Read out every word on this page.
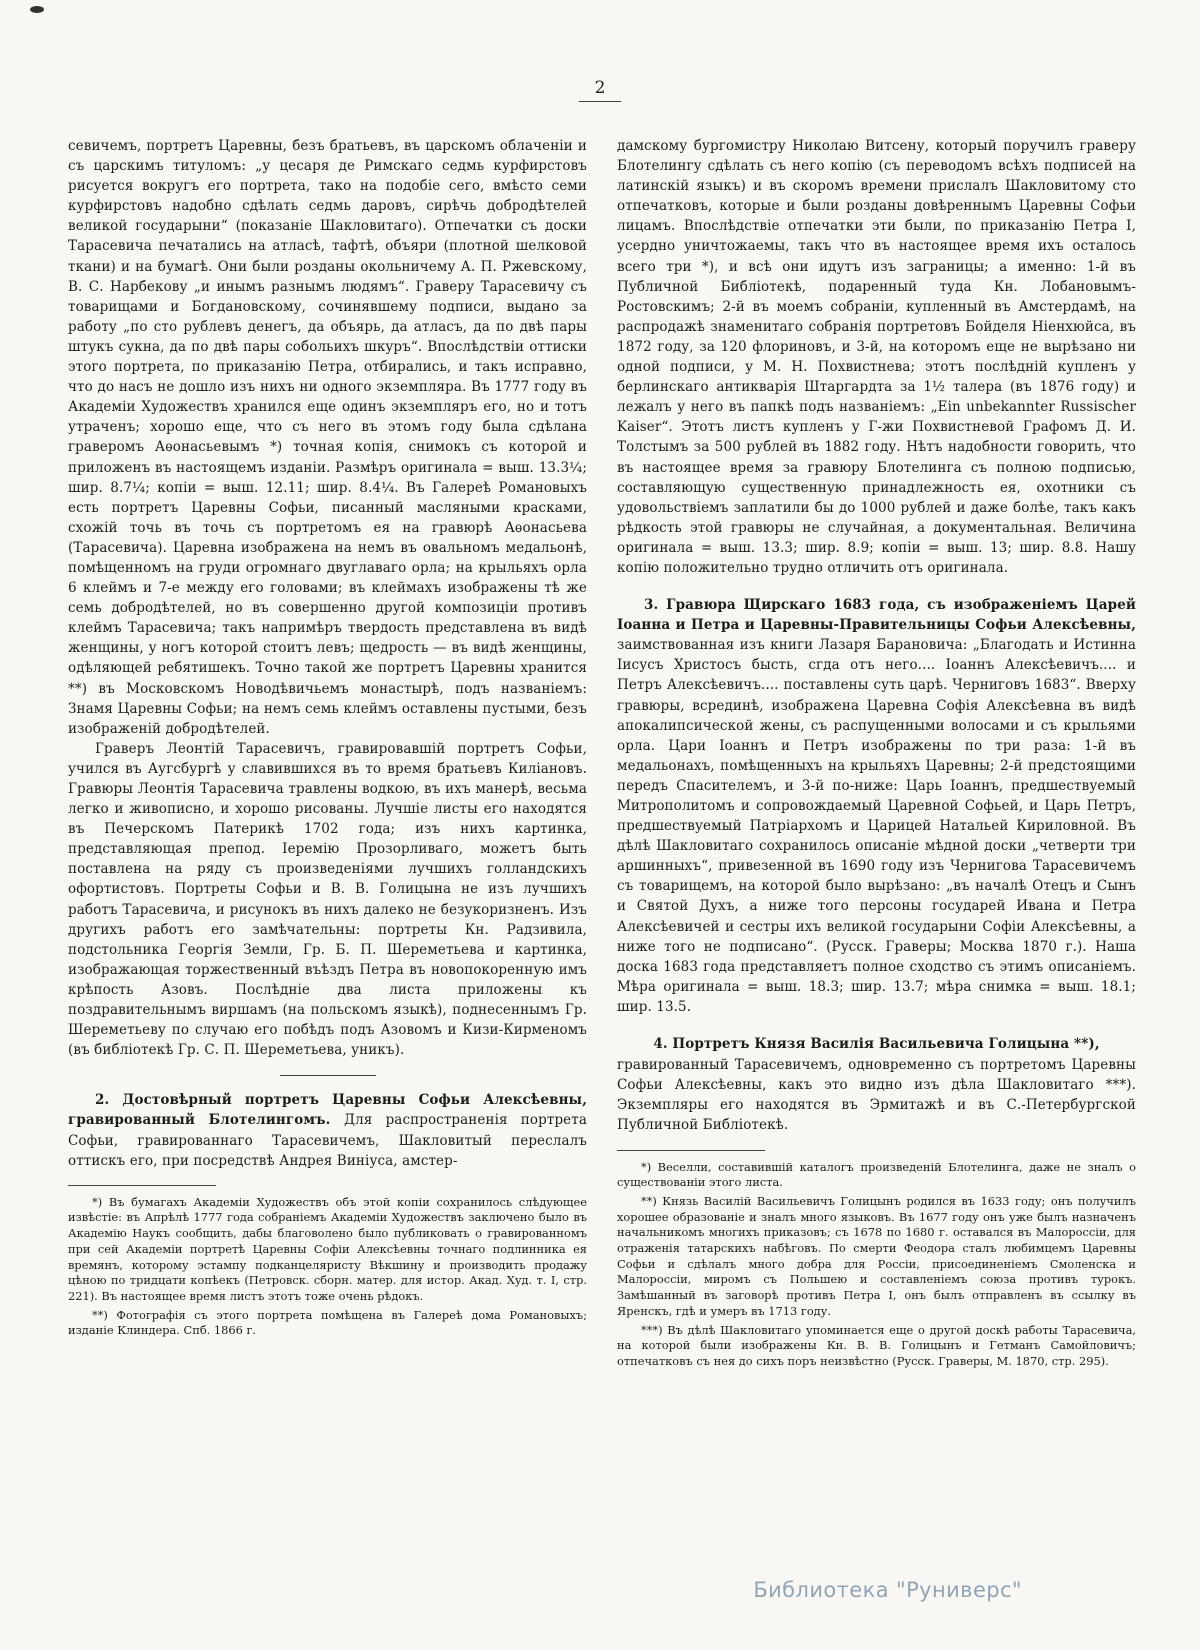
2

севичемъ, портретъ Царевны, безъ братьевъ, въ царскомъ облаченіи и съ царскимъ титуломъ: „у цесаря де Римскаго седмь курфирстовъ рисуется вокругъ его портрета, тако на подобіе сего, вмѣсто семи курфирстовъ надобно сдѣлать седмь даровъ, сирѣчь добродѣтелей великой государыни“ (показаніе Шакловитаго). Отпечатки съ доски Тарасевича печатались на атласѣ, тафтѣ, объяри (плотной шелковой ткани) и на бумагѣ. Они были розданы окольничему А. П. Ржевскому, В. С. Нарбекову „и инымъ разнымъ людямъ“. Граверу Тарасевичу съ товарищами и Богдановскому, сочинявшему подписи, выдано за работу „по сто рублевъ денегъ, да объярь, да атласъ, да по двѣ пары штукъ сукна, да по двѣ пары собольихъ шкуръ“. Впослѣдствіи оттиски этого портрета, по приказанію Петра, отбирались, и такъ исправно, что до насъ не дошло изъ нихъ ни одного экземпляра. Въ 1777 году въ Академіи Художествъ хранился еще одинъ экземпляръ его, но и тотъ утраченъ; хорошо еще, что съ него въ этомъ году была сдѣлана граверомъ Аѳонасьевымъ *) точная копія, снимокъ съ которой и приложенъ въ настоящемъ изданіи. Размѣръ оригинала = выш. 13.3¼; шир. 8.7¼; копіи = выш. 12.11; шир. 8.4¼. Въ Галереѣ Романовыхъ есть портретъ Царевны Софьи, писанный масляными красками, схожій точь въ точь съ портретомъ ея на гравюрѣ Аѳонасьева (Тарасевича). Царевна изображена на немъ въ овальномъ медальонѣ, помѣщенномъ на груди огромнаго двуглаваго орла; на крыльяхъ орла 6 клеймъ и 7-е между его головами; въ клеймахъ изображены тѣ же семь добродѣтелей, но въ совершенно другой композиціи противъ клеймъ Тарасевича; такъ напримѣръ твердость представлена въ видѣ женщины, у ногъ которой стоитъ левъ; щедрость — въ видѣ женщины, одѣляющей ребятишекъ. Точно такой же портретъ Царевны хранится **) въ Московскомъ Новодѣвичьемъ монастырѣ, подъ названіемъ: Знамя Царевны Софьи; на немъ семь клеймъ оставлены пустыми, безъ изображеній добродѣтелей.

Граверъ Леонтій Тарасевичъ, гравировавшій портретъ Софьи, учился въ Аугсбургѣ у славившихся въ то время братьевъ Киліановъ. Гравюры Леонтія Тарасевича травлены водкою, въ ихъ манерѣ, весьма легко и живописно, и хорошо рисованы. Лучшіе листы его находятся въ Печерскомъ Патерикѣ 1702 года; изъ нихъ картинка, представляющая препод. Іеремію Прозорливаго, можетъ быть поставлена на ряду съ произведеніями лучшихъ голландскихъ офортистовъ. Портреты Софьи и В. В. Голицына не изъ лучшихъ работъ Тарасевича, и рисунокъ въ нихъ далеко не безукоризненъ. Изъ другихъ работъ его замѣчательны: портреты Кн. Радзивила, подстольника Георгія Земли, Гр. Б. П. Шереметьева и картинка, изображающая торжественный въѣздъ Петра въ новопокоренную имъ крѣпость Азовъ. Послѣдніе два листа приложены къ поздравительнымъ виршамъ (на польскомъ языкѣ), поднесеннымъ Гр. Шереметьеву по случаю его побѣдъ подъ Азовомъ и Кизи-Кирменомъ (въ библіотекѣ Гр. С. П. Шереметьева, уникъ).

2. Достовѣрный портретъ Царевны Софьи Алексѣевны, гравированный Блотелингомъ. Для распространенія портрета Софьи, гравированнаго Тарасевичемъ, Шакловитый переслалъ оттискъ его, при посредствѣ Андрея Виніуса, амстер-

*) Въ бумагахъ Академіи Художествъ объ этой копіи сохранилось слѣдующее извѣстіе: въ Апрѣлѣ 1777 года собраніемъ Академіи Художествъ заключено было въ Академію Наукъ сообщить, дабы благоволено было публиковать о гравированномъ при сей Академіи портретѣ Царевны Софіи Алексѣевны точнаго подлинника ея времянъ, которому эстампу подканцеляристу Вѣкшину и производить продажу цѣною по тридцати копѣекъ (Петровск. сборн. матер. для истор. Акад. Худ. т. I, стр. 221). Въ настоящее время листъ этотъ тоже очень рѣдокъ.

**) Фотографія съ этого портрета помѣщена въ Галереѣ дома Романовыхъ; изданіе Клиндера. Спб. 1866 г.

дамскому бургомистру Николаю Витсену, который поручилъ граверу Блотелингу сдѣлать съ него копію (съ переводомъ всѣхъ подписей на латинскій языкъ) и въ скоромъ времени прислалъ Шакловитому сто отпечатковъ, которые и были розданы довѣреннымъ Царевны Софьи лицамъ. Впослѣдствіе отпечатки эти были, по приказанію Петра I, усердно уничтожаемы, такъ что въ настоящее время ихъ осталось всего три *), и всѣ они идутъ изъ заграницы; а именно: 1-й въ Публичной Библіотекѣ, подаренный туда Кн. Лобановымъ-Ростовскимъ; 2-й въ моемъ собраніи, купленный въ Амстердамѣ, на распродажѣ знаменитаго собранія портретовъ Бойделя Ніенхюйса, въ 1872 году, за 120 флориновъ, и 3-й, на которомъ еще не вырѣзано ни одной подписи, у М. Н. Похвистнева; этотъ послѣдній купленъ у берлинскаго антикварія Штаргардта за 1½ талера (въ 1876 году) и лежалъ у него въ папкѣ подъ названіемъ: „Ein unbekannter Russischer Kaiser“. Этотъ листъ купленъ у Г-жи Похвистневой Графомъ Д. И. Толстымъ за 500 рублей въ 1882 году. Нѣтъ надобности говорить, что въ настоящее время за гравюру Блотелинга съ полною подписью, составляющую существенную принадлежность ея, охотники съ удовольствіемъ заплатили бы до 1000 рублей и даже болѣе, такъ какъ рѣдкость этой гравюры не случайная, а документальная. Величина оригинала = выш. 13.3; шир. 8.9; копіи = выш. 13; шир. 8.8. Нашу копію положительно трудно отличить отъ оригинала.

3. Гравюра Щирскаго 1683 года, съ изображеніемъ Царей Іоанна и Петра и Царевны-Правительницы Софьи Алексѣевны, заимствованная изъ книги Лазаря Барановича: „Благодать и Истинна Іисусъ Христосъ бысть, сгда отъ него.... Іоаннъ Алексѣевичъ.... и Петръ Алексѣевичъ.... поставлены суть царѣ. Черниговъ 1683“. Вверху гравюры, всрединѣ, изображена Царевна Софія Алексѣевна въ видѣ апокалипсической жены, съ распущенными волосами и съ крыльями орла. Цари Іоаннъ и Петръ изображены по три раза: 1-й въ медальонахъ, помѣщенныхъ на крыльяхъ Царевны; 2-й предстоящими передъ Спасителемъ, и 3-й по-ниже: Царь Іоаннъ, предшествуемый Митрополитомъ и сопровождаемый Царевной Софьей, и Царь Петръ, предшествуемый Патріархомъ и Царицей Натальей Кириловной. Въ дѣлѣ Шакловитаго сохранилось описаніе мѣдной доски „четверти три аршинныхъ“, привезенной въ 1690 году изъ Чернигова Тарасевичемъ съ товарищемъ, на которой было вырѣзано: „въ началѣ Отецъ и Сынъ и Святой Духъ, а ниже того персоны государей Ивана и Петра Алексѣевичей и сестры ихъ великой государыни Софіи Алексѣевны, а ниже того не подписано“. (Русск. Граверы; Москва 1870 г.). Наша доска 1683 года представляетъ полное сходство съ этимъ описаніемъ. Мѣра оригинала = выш. 18.3; шир. 13.7; мѣра снимка = выш. 18.1; шир. 13.5.

4. Портретъ Князя Василія Васильевича Голицына **),
гравированный Тарасевичемъ, одновременно съ портретомъ Царевны Софьи Алексѣевны, какъ это видно изъ дѣла Шакловитаго ***). Экземпляры его находятся въ Эрмитажѣ и въ С.-Петербургской Публичной Библіотекѣ.

*) Веселли, составившій каталогъ произведеній Блотелинга, даже не зналъ о существованіи этого листа.

**) Князь Василій Васильевичъ Голицынъ родился въ 1633 году; онъ получилъ хорошее образованіе и зналъ много языковъ. Въ 1677 году онъ уже былъ назначенъ начальникомъ многихъ приказовъ; съ 1678 по 1680 г. оставался въ Малороссіи, для отраженія татарскихъ набѣговъ. По смерти Феодора сталъ любимцемъ Царевны Софьи и сдѣлалъ много добра для Россіи, присоединеніемъ Смоленска и Малороссіи, миромъ съ Польшею и составленіемъ союза противъ турокъ. Замѣшанный въ заговорѣ противъ Петра I, онъ былъ отправленъ въ ссылку въ Яренскъ, гдѣ и умеръ въ 1713 году.

***) Въ дѣлѣ Шакловитаго упоминается еще о другой доскѣ работы Тарасевича, на которой были изображены Кн. В. В. Голицынъ и Гетманъ Самойловичъ; отпечатковъ съ нея до сихъ поръ неизвѣстно (Русск. Граверы, М. 1870, стр. 295).

Библиотека "Руниверс"
